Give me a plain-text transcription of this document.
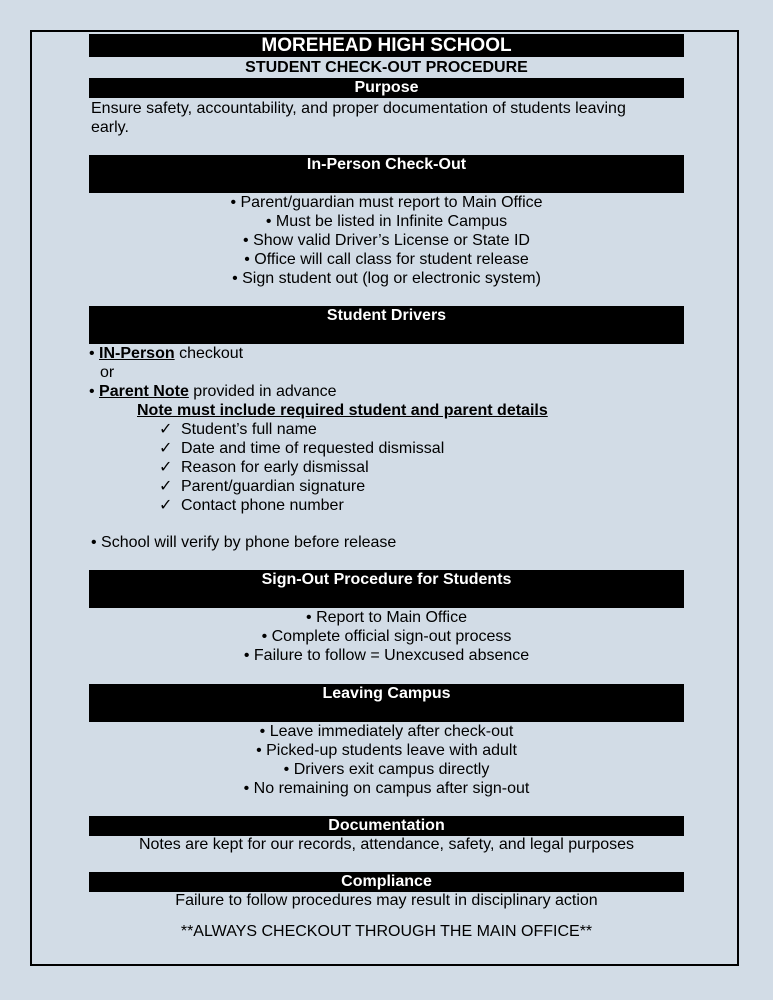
MOREHEAD HIGH SCHOOL
STUDENT CHECK-OUT PROCEDURE
Purpose
Ensure safety, accountability, and proper documentation of students leaving
early.
In-Person Check-Out
• Parent/guardian must report to Main Office
• Must be listed in Infinite Campus
• Show valid Driver’s License or State ID
• Office will call class for student release
• Sign student out (log or electronic system)
Student Drivers
• IN-Person checkout
or
• Parent Note provided in advance
Note must include required student and parent details
✓ Student’s full name
✓ Date and time of requested dismissal
✓ Reason for early dismissal
✓ Parent/guardian signature
✓ Contact phone number
• School will verify by phone before release
Sign-Out Procedure for Students
• Report to Main Office
• Complete official sign-out process
• Failure to follow = Unexcused absence
Leaving Campus
• Leave immediately after check-out
• Picked-up students leave with adult
• Drivers exit campus directly
• No remaining on campus after sign-out
Documentation
Notes are kept for our records, attendance, safety, and legal purposes
Compliance
Failure to follow procedures may result in disciplinary action
**ALWAYS CHECKOUT THROUGH THE MAIN OFFICE**
